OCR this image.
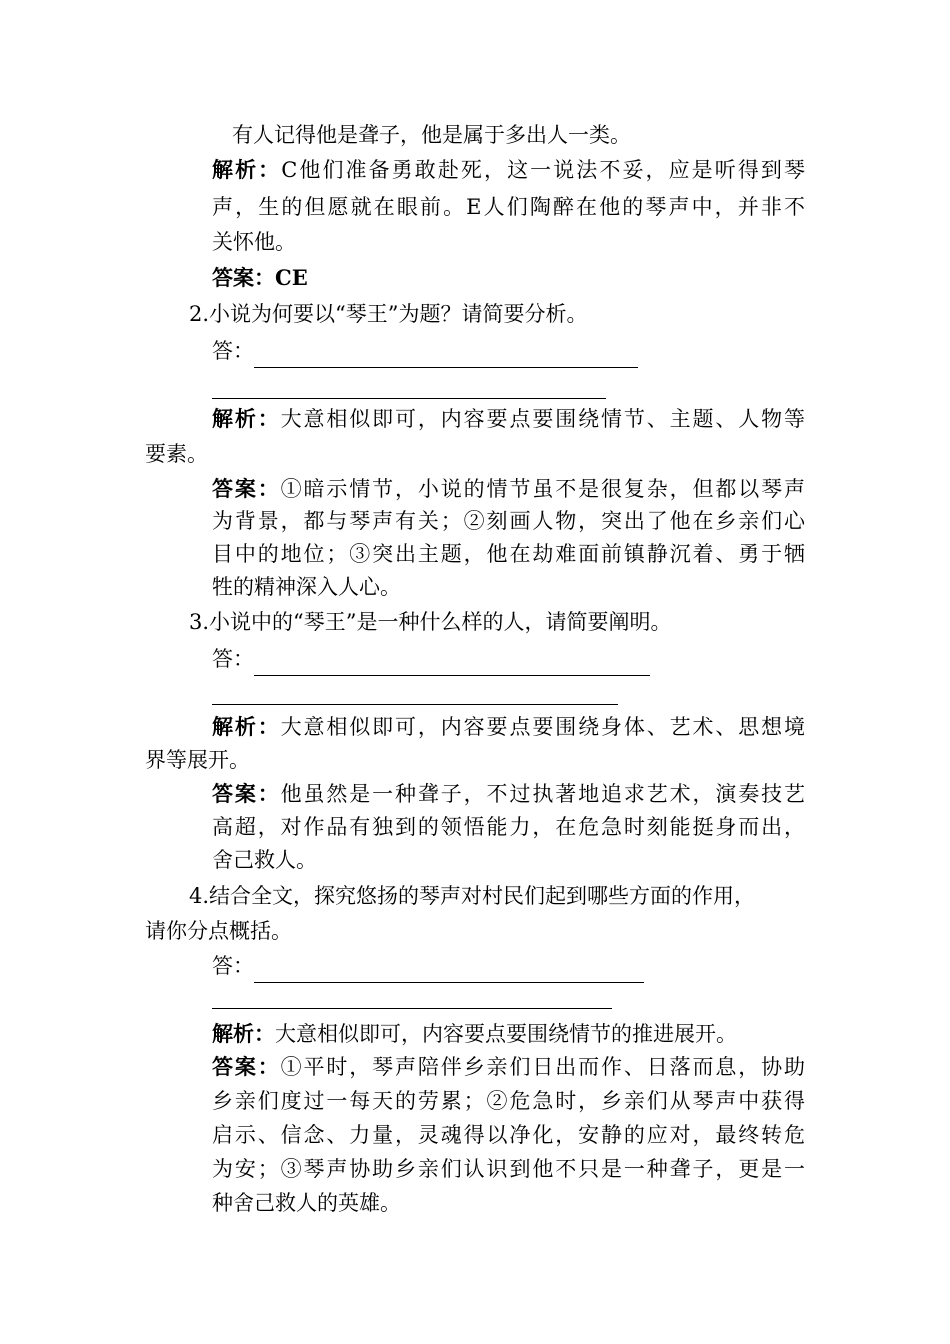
有人记得他是聋子，他是属于多出人一类。
解析：C他们准备勇敢赴死，这一说法不妥，应是听得到琴
声，生的但愿就在眼前。E人们陶醉在他的琴声中，并非不
关怀他。
答案：CE
2.小说为何要以“琴王”为题？请简要分析。
答：
解析：大意相似即可，内容要点要围绕情节、主题、人物等
要素。
答案：①暗示情节，小说的情节虽不是很复杂，但都以琴声
为背景，都与琴声有关；②刻画人物，突出了他在乡亲们心
目中的地位；③突出主题，他在劫难面前镇静沉着、勇于牺
牲的精神深入人心。
3.小说中的“琴王”是一种什么样的人，请简要阐明。
答：
解析：大意相似即可，内容要点要围绕身体、艺术、思想境
界等展开。
答案：他虽然是一种聋子，不过执著地追求艺术，演奏技艺
高超，对作品有独到的领悟能力，在危急时刻能挺身而出，
舍己救人。
4.结合全文，探究悠扬的琴声对村民们起到哪些方面的作用，
请你分点概括。
答：
解析：大意相似即可，内容要点要围绕情节的推进展开。
答案：①平时，琴声陪伴乡亲们日出而作、日落而息，协助
乡亲们度过一每天的劳累；②危急时，乡亲们从琴声中获得
启示、信念、力量，灵魂得以净化，安静的应对，最终转危
为安；③琴声协助乡亲们认识到他不只是一种聋子，更是一
种舍己救人的英雄。
